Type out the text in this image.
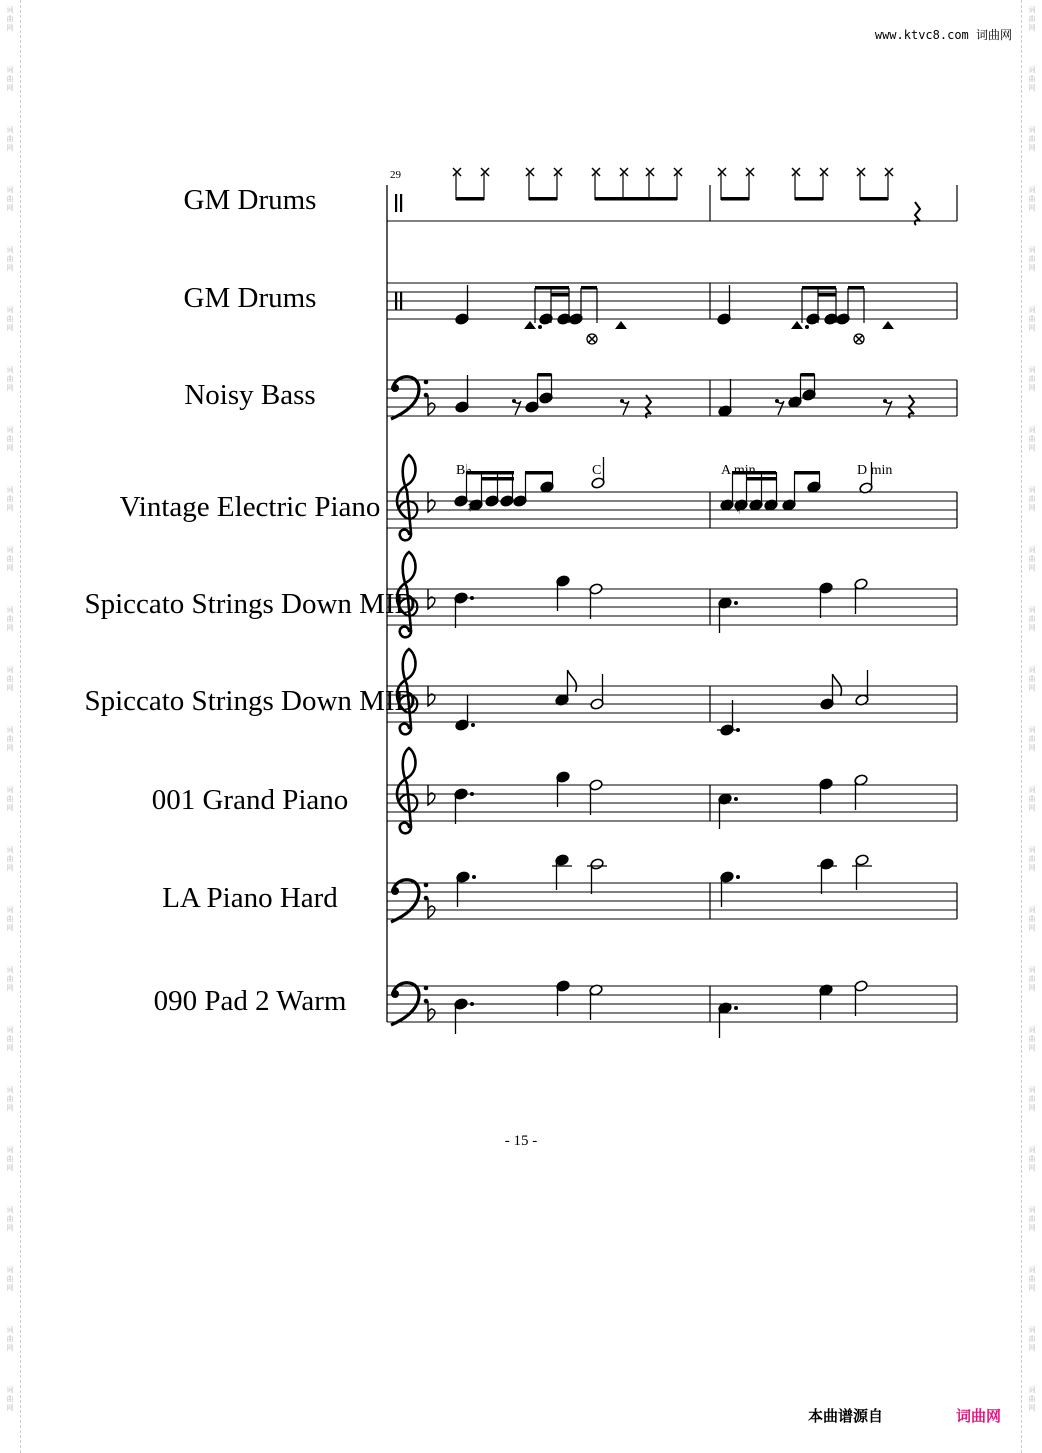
词
曲
网
词
曲
网
词
曲
网
词
曲
网
词
曲
网
词
曲
网
词
曲
网
词
曲
网
词
曲
网
词
曲
网
词
曲
网
词
曲
网
词
曲
网
词
曲
网
词
曲
网
词
曲
网
词
曲
网
词
曲
网
词
曲
网
词
曲
网
词
曲
网
词
曲
网
词
曲
网
词
曲
网
词
曲
网
词
曲
网
词
曲
网
词
曲
网
词
曲
网
词
曲
网
词
曲
网
词
曲
网
词
曲
网
词
曲
网
词
曲
网
词
曲
网
词
曲
网
词
曲
网
词
曲
网
词
曲
网
词
曲
网
词
曲
网
词
曲
网
词
曲
网
词
曲
网
词
曲
网
词
曲
网
词
曲
网
www.ktvc8.com 词曲网
♯	♮
GM Drums
GM Drums
Noisy Bass
Vintage Electric Piano
Spiccato Strings Down MID
Spiccato Strings Down MID
001 Grand Piano
LA Piano Hard
090 Pad 2 Warm
29
B♭	C	A min	D min
- 15 -
本曲谱源自	词曲网
